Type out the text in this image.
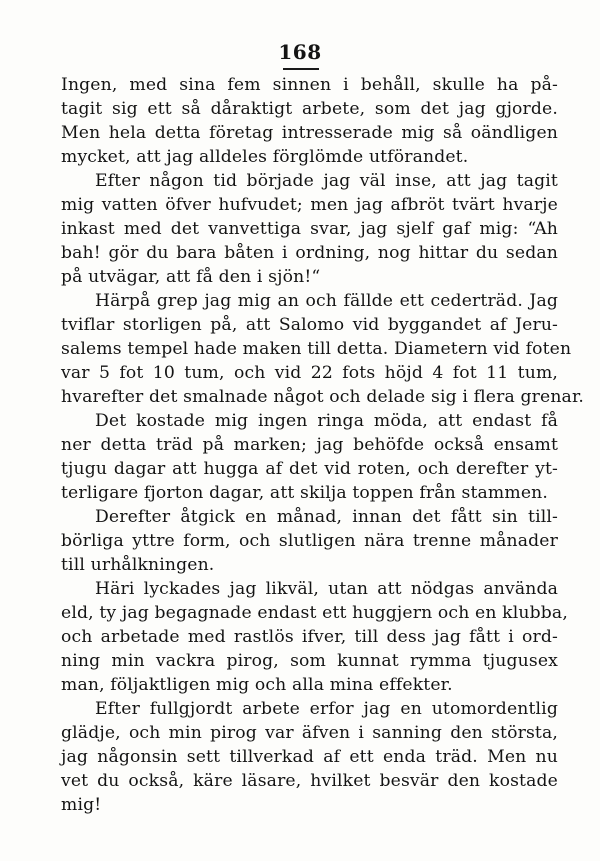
168
Ingen, med sina fem sinnen i behåll, skulle ha på-
tagit sig ett så dåraktigt arbete, som det jag gjorde.
Men hela detta företag intresserade mig så oändligen
mycket, att jag alldeles förglömde utförandet.
Efter någon tid började jag väl inse, att jag tagit
mig vatten öfver hufvudet; men jag afbröt tvärt hvarje
inkast med det vanvettiga svar, jag sjelf gaf mig: “Ah
bah! gör du bara båten i ordning, nog hittar du sedan
på utvägar, att få den i sjön!“
Härpå grep jag mig an och fällde ett cederträd. Jag
tviflar storligen på, att Salomo vid byggandet af Jeru-
salems tempel hade maken till detta. Diametern vid foten
var 5 fot 10 tum, och vid 22 fots höjd 4 fot 11 tum,
hvarefter det smalnade något och delade sig i flera grenar.
Det kostade mig ingen ringa möda, att endast få
ner detta träd på marken; jag behöfde också ensamt
tjugu dagar att hugga af det vid roten, och derefter yt-
terligare fjorton dagar, att skilja toppen från stammen.
Derefter åtgick en månad, innan det fått sin till-
börliga yttre form, och slutligen nära trenne månader
till urhålkningen.
Häri lyckades jag likväl, utan att nödgas använda
eld, ty jag begagnade endast ett huggjern och en klubba,
och arbetade med rastlös ifver, till dess jag fått i ord-
ning min vackra pirog, som kunnat rymma tjugusex
man, följaktligen mig och alla mina effekter.
Efter fullgjordt arbete erfor jag en utomordentlig
glädje, och min pirog var äfven i sanning den största,
jag någonsin sett tillverkad af ett enda träd. Men nu
vet du också, käre läsare, hvilket besvär den kostade
mig!
